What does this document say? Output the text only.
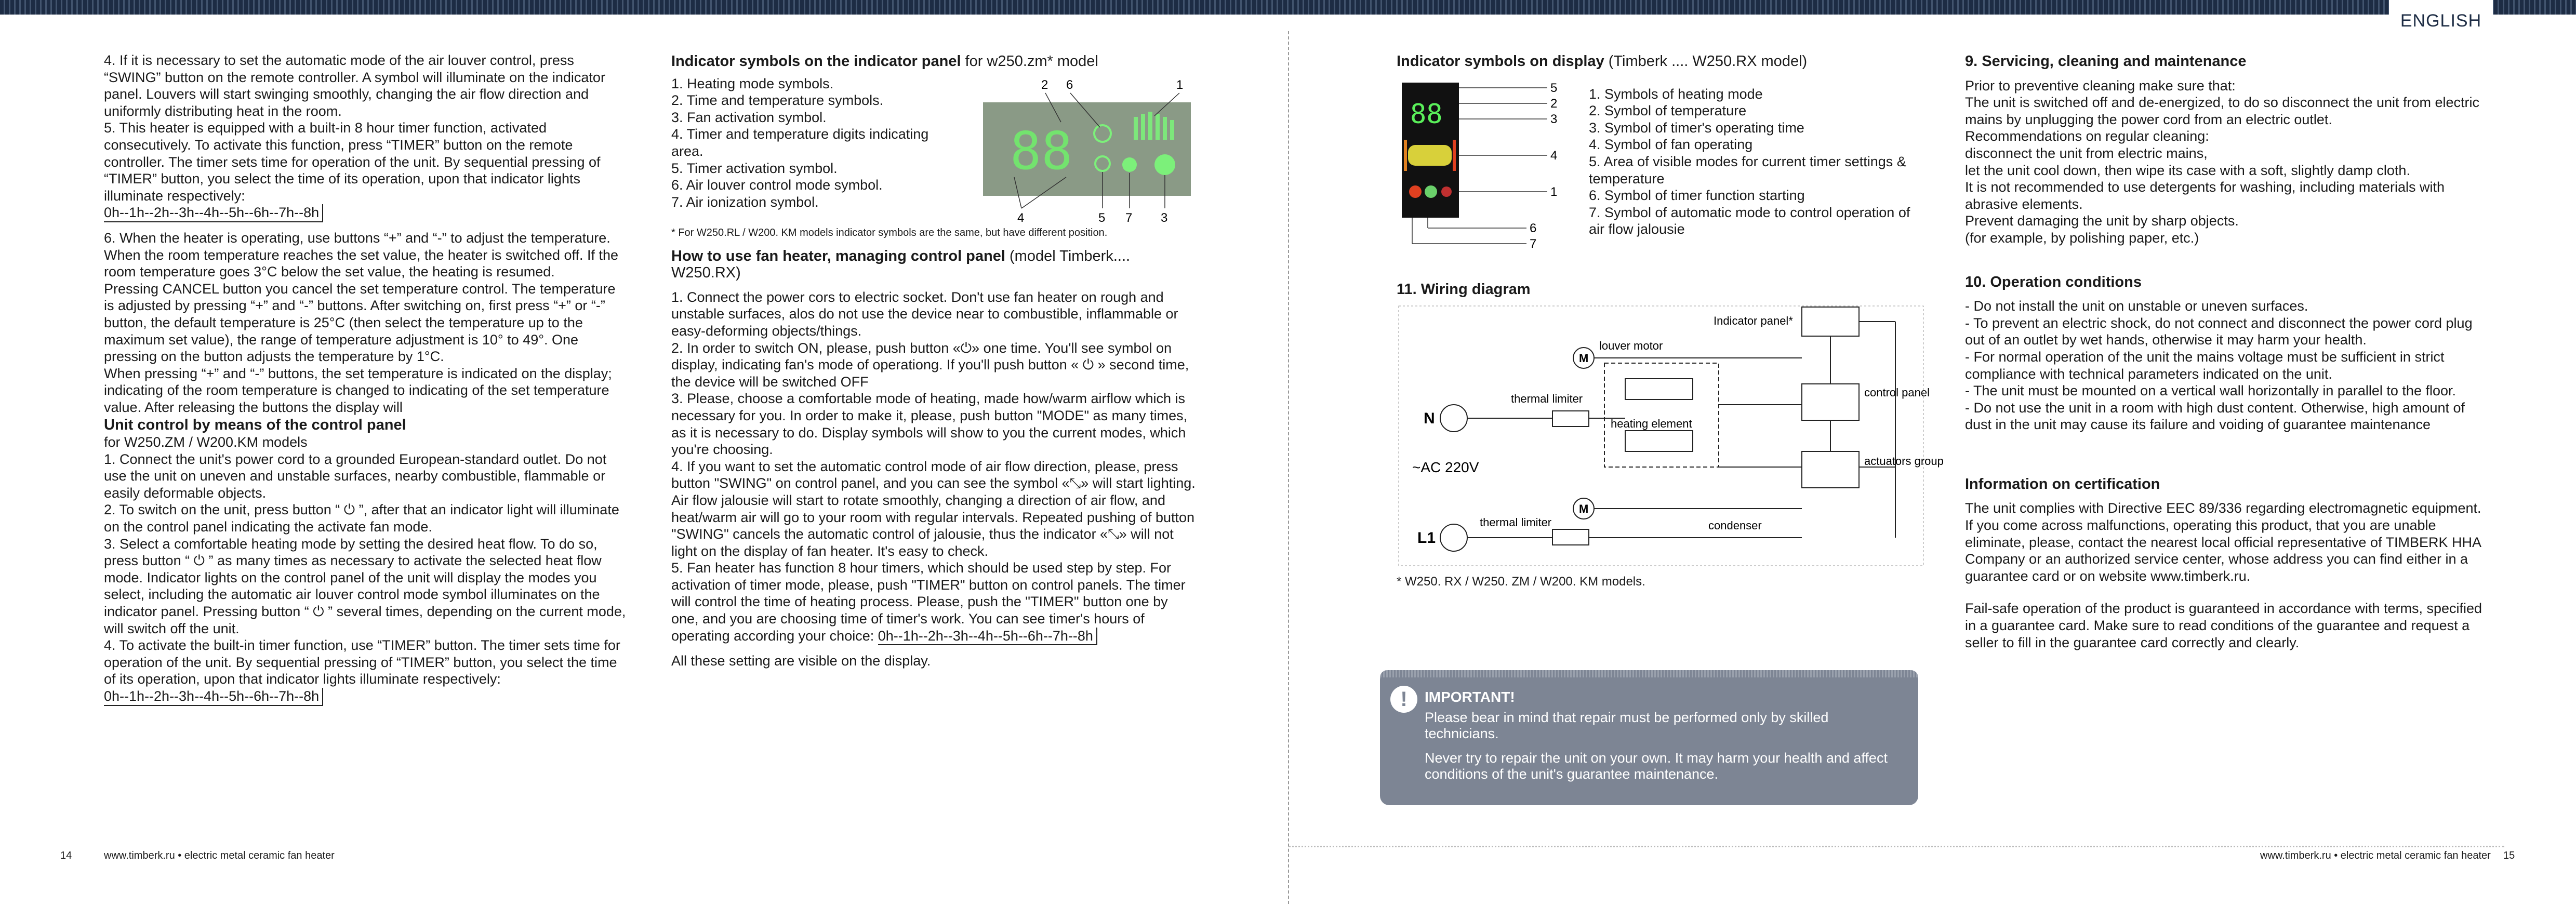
ENGLISH

4. If it is necessary to set the automatic mode of the air louver control, press “SWING” button on the remote controller. A symbol will illuminate on the indicator panel. Louvers will start swinging smoothly, changing the air flow direction and uniformly distributing heat in the room.

5. This heater is equipped with a built-in 8 hour timer function, activated consecutively. To activate this function, press “TIMER” button on the remote controller. The timer sets time for operation of the unit. By sequential pressing of “TIMER” button, you select the time of its operation, upon that indicator lights illuminate respectively:

0h--1h--2h--3h--4h--5h--6h--7h--8h

6. When the heater is operating, use buttons “+” and “-” to adjust the temperature. When the room temperature reaches the set value, the heater is switched off. If the room temperature goes 3°C below the set value, the heating is resumed.

Pressing CANCEL button you cancel the set temperature control. The temperature is adjusted by pressing “+” and “-” buttons. After switching on, first press “+” or “-” button, the default temperature is 25°C (then select the temperature up to the maximum set value), the range of temperature adjustment is 10° to 49°. One pressing on the button adjusts the temperature by 1°C.

When pressing “+” and “-” buttons, the set temperature is indicated on the display; indicating of the room temperature is changed to indicating of the set temperature value. After releasing the buttons the display will

Unit control by means of the control panel

for W250.ZM / W200.KM models

1. Connect the unit's power cord to a grounded European-standard outlet. Do not use the unit on uneven and unstable surfaces, nearby combustible, flammable or easily deformable objects.

2. To switch on the unit, press button “ ⏻ ”, after that an indicator light will illuminate on the control panel indicating the activate fan mode.

3. Select a comfortable heating mode by setting the desired heat flow. To do so, press button “ ⏻ ” as many times as necessary to activate the selected heat flow mode. Indicator lights on the control panel of the unit will display the modes you select, including the automatic air louver control mode symbol illuminates on the indicator panel. Pressing button “ ⏻ ” several times, depending on the current mode, will switch off the unit.

4. To activate the built-in timer function, use “TIMER” button. The timer sets time for operation of the unit. By sequential pressing of “TIMER” button, you select the time of its operation, upon that indicator lights illuminate respectively:

0h--1h--2h--3h--4h--5h--6h--7h--8h

Indicator symbols on the indicator panel for w250.zm* model

1. Heating mode symbols.

2. Time and temperature symbols.

3. Fan activation symbol.

4. Timer and temperature digits indicating area.

5. Timer activation symbol.

6. Air louver control mode symbol.

7. Air ionization symbol.

2 6	1
88
4	5 7 3

* For W250.RL / W200. KM models indicator symbols are the same, but have different position.

How to use fan heater, managing control panel (model Timberk.... W250.RX)

1. Connect the power cors to electric socket. Don't use fan heater on rough and unstable surfaces, alos do not use the device near to combustible, inflammable or easy-deforming objects/things.

2. In order to switch ON, please, push button «⏻» one time. You'll see symbol on display, indicating fan's mode of operationg. If you'll push button « ⏻ » second time, the device will be switched OFF

3. Please, choose a comfortable mode of heating, made how/warm airflow which is necessary for you. In order to make it, please, push button "MODE" as many times, as it is necessary to do. Display symbols will show to you the current modes, which you're choosing.

4. If you want to set the automatic control mode of air flow direction, please, press button "SWING" on control panel, and you can see the symbol «⤡» will start lighting. Air flow jalousie will start to rotate smoothly, changing a direction of air flow, and heat/warm air will go to your room with regular intervals. Repeated pushing of button "SWING" cancels the automatic control of jalousie, thus the indicator «⤡» will not light on the display of fan heater. It's easy to check.

5. Fan heater has function 8 hour timers, which should be used step by step. For activation of timer mode, please, push "TIMER" button on control panels. The timer will control the time of heating process. Please, push the "TIMER" button one by one, and you are choosing time of timer's work. You can see timer's hours of operating according your choice: 0h--1h--2h--3h--4h--5h--6h--7h--8h

All these setting are visible on the display.

Indicator symbols on display (Timberk .... W250.RX model)

88
5
2
3
4
1
6
7

1. Symbols of heating mode

2. Symbol of temperature

3. Symbol of timer's operating time

4. Symbol of fan operating

5. Area of visible modes for current timer settings & temperature

6. Symbol of timer function starting

7. Symbol of automatic mode to control operation of air flow jalousie

11. Wiring diagram

Indicator panel*
louver motor
thermal limiter
heating element
control panel
actuators group
~AC 220V
N
L1
thermal limiter	condenser
M
M

* W250. RX / W250. ZM / W200. KM models.

!	IMPORTANT!

Please bear in mind that repair must be performed only by skilled technicians.

Never try to repair the unit on your own. It may harm your health and affect conditions of the unit's guarantee maintenance.

9. Servicing, cleaning and maintenance

Prior to preventive cleaning make sure that:

The unit is switched off and de-energized, to do so disconnect the unit from electric mains by unplugging the power cord from an electric outlet.

Recommendations on regular cleaning:

disconnect the unit from electric mains,

let the unit cool down, then wipe its case with a soft, slightly damp cloth.

It is not recommended to use detergents for washing, including materials with abrasive elements.

Prevent damaging the unit by sharp objects.

(for example, by polishing paper, etc.)

10. Operation conditions

- Do not install the unit on unstable or uneven surfaces.

- To prevent an electric shock, do not connect and disconnect the power cord plug out of an outlet by wet hands, otherwise it may harm your health.

- For normal operation of the unit the mains voltage must be sufficient in strict compliance with technical parameters indicated on the unit.

- The unit must be mounted on a vertical wall horizontally in parallel to the floor.

- Do not use the unit in a room with high dust content. Otherwise, high amount of dust in the unit may cause its failure and voiding of guarantee maintenance

Information on certification

The unit complies with Directive EEC 89/336 regarding electromagnetic equipment.

If you come across malfunctions, operating this product, that you are unable eliminate, please, contact the nearest local official representative of TIMBERK HHA Company or an authorized service center, whose address you can find either in a guarantee card or on website www.timberk.ru.

Fail-safe operation of the product is guaranteed in accordance with terms, specified in a guarantee card. Make sure to read conditions of the guarantee and request a seller to fill in the guarantee card correctly and clearly.

14	www.timberk.ru • electric metal ceramic fan heater	www.timberk.ru • electric metal ceramic fan heater 15
